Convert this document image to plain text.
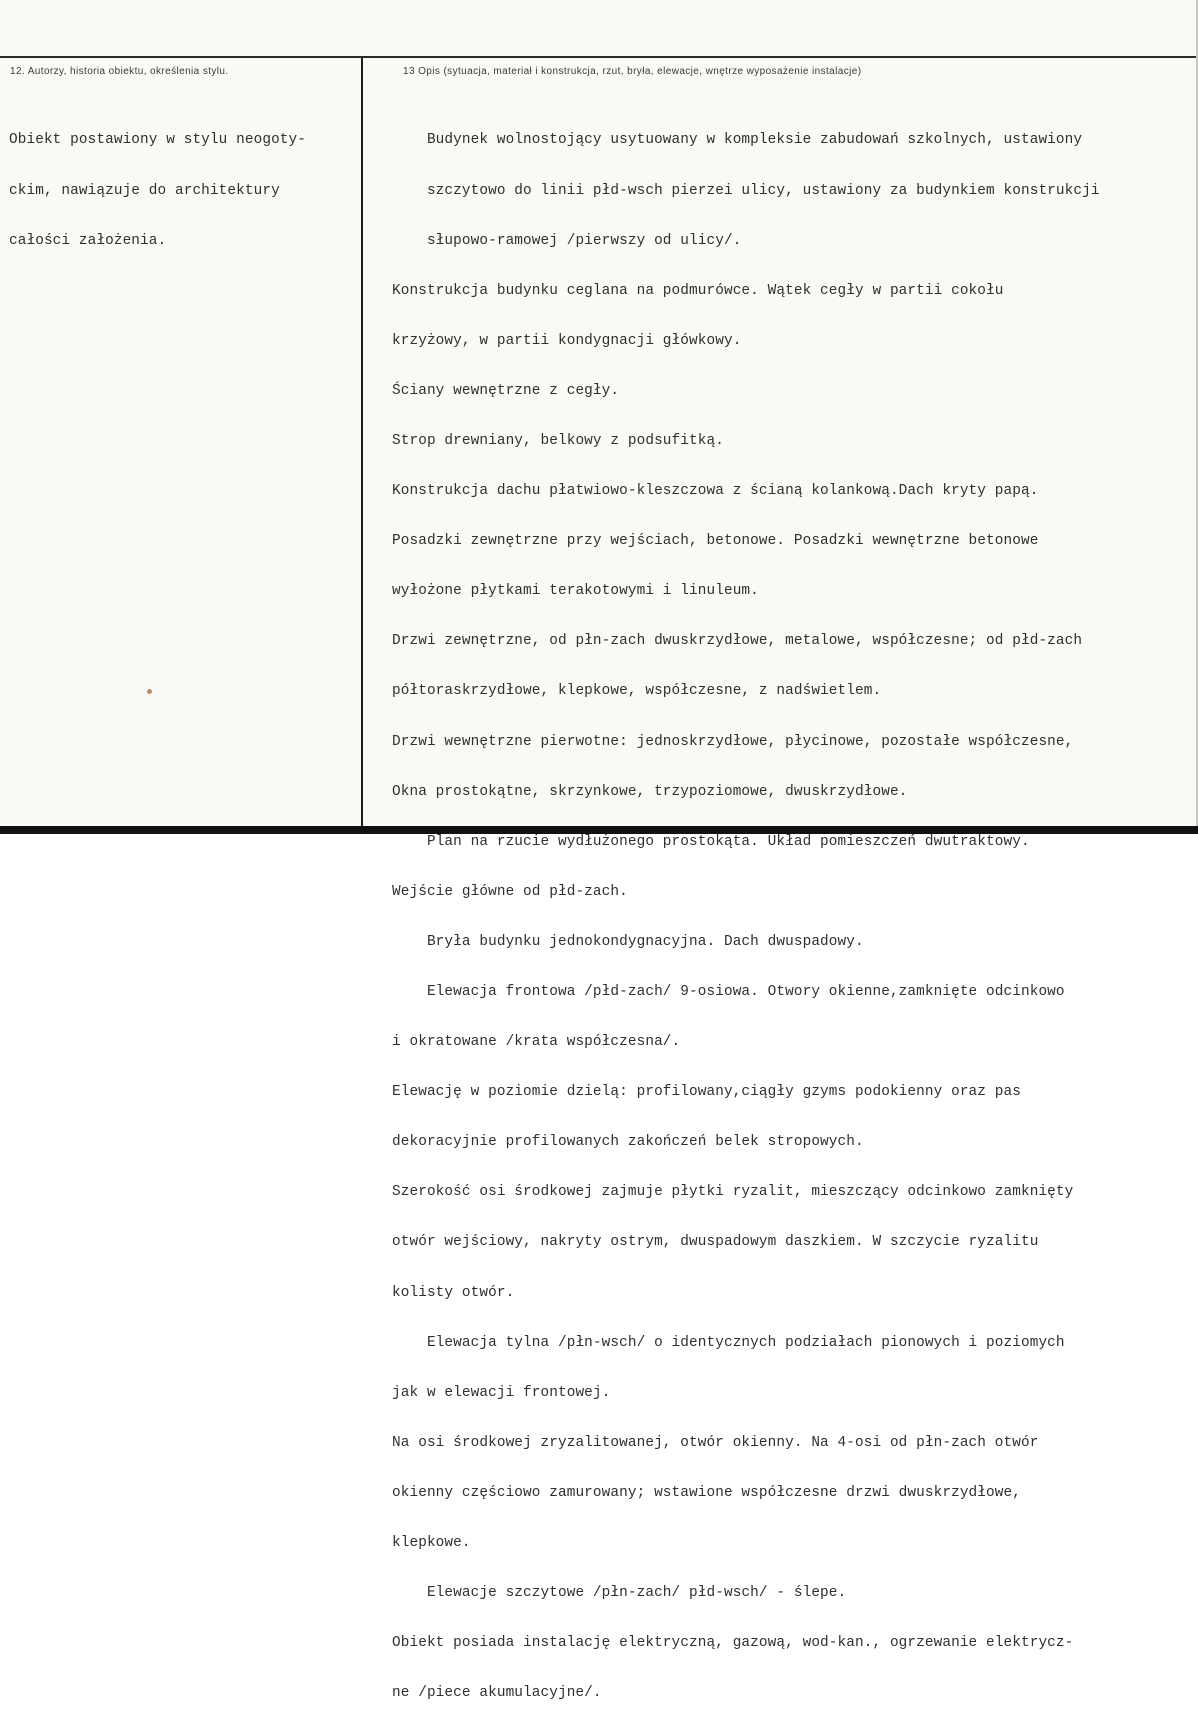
12. Autorzy, historia obiektu, określenia stylu.	13 Opis (sytuacja, materiał i konstrukcja, rzut, bryła, elewacje, wnętrze wyposażenie instalacje)

Obiekt postawiony w stylu neogoty-

ckim, nawiązuje do architektury

całości założenia.

Budynek wolnostojący usytuowany w kompleksie zabudowań szkolnych, ustawiony

szczytowo do linii płd-wsch pierzei ulicy, ustawiony za budynkiem konstrukcji

słupowo-ramowej /pierwszy od ulicy/.

Konstrukcja budynku ceglana na podmurówce. Wątek cegły w partii cokołu

krzyżowy, w partii kondygnacji główkowy.

Ściany wewnętrzne z cegły.

Strop drewniany, belkowy z podsufitką.

Konstrukcja dachu płatwiowo-kleszczowa z ścianą kolankową.Dach kryty papą.

Posadzki zewnętrzne przy wejściach, betonowe. Posadzki wewnętrzne betonowe

wyłożone płytkami terakotowymi i linuleum.

Drzwi zewnętrzne, od płn-zach dwuskrzydłowe, metalowe, współczesne; od płd-zach

półtoraskrzydłowe, klepkowe, współczesne, z nadświetlem.

Drzwi wewnętrzne pierwotne: jednoskrzydłowe, płycinowe, pozostałe współczesne,

Okna prostokątne, skrzynkowe, trzypoziomowe, dwuskrzydłowe.

Plan na rzucie wydłużonego prostokąta. Układ pomieszczeń dwutraktowy.

Wejście główne od płd-zach.

Bryła budynku jednokondygnacyjna. Dach dwuspadowy.

Elewacja frontowa /płd-zach/ 9-osiowa. Otwory okienne,zamknięte odcinkowo

i okratowane /krata współczesna/.

Elewację w poziomie dzielą: profilowany,ciągły gzyms podokienny oraz pas

dekoracyjnie profilowanych zakończeń belek stropowych.

Szerokość osi środkowej zajmuje płytki ryzalit, mieszczący odcinkowo zamknięty

otwór wejściowy, nakryty ostrym, dwuspadowym daszkiem. W szczycie ryzalitu

kolisty otwór.

Elewacja tylna /płn-wsch/ o identycznych podziałach pionowych i poziomych

jak w elewacji frontowej.

Na osi środkowej zryzalitowanej, otwór okienny. Na 4-osi od płn-zach otwór

okienny częściowo zamurowany; wstawione współczesne drzwi dwuskrzydłowe,

klepkowe.

Elewacje szczytowe /płn-zach/ płd-wsch/ - ślepe.

Obiekt posiada instalację elektryczną, gazową, wod-kan., ogrzewanie elektrycz-

ne /piece akumulacyjne/.
